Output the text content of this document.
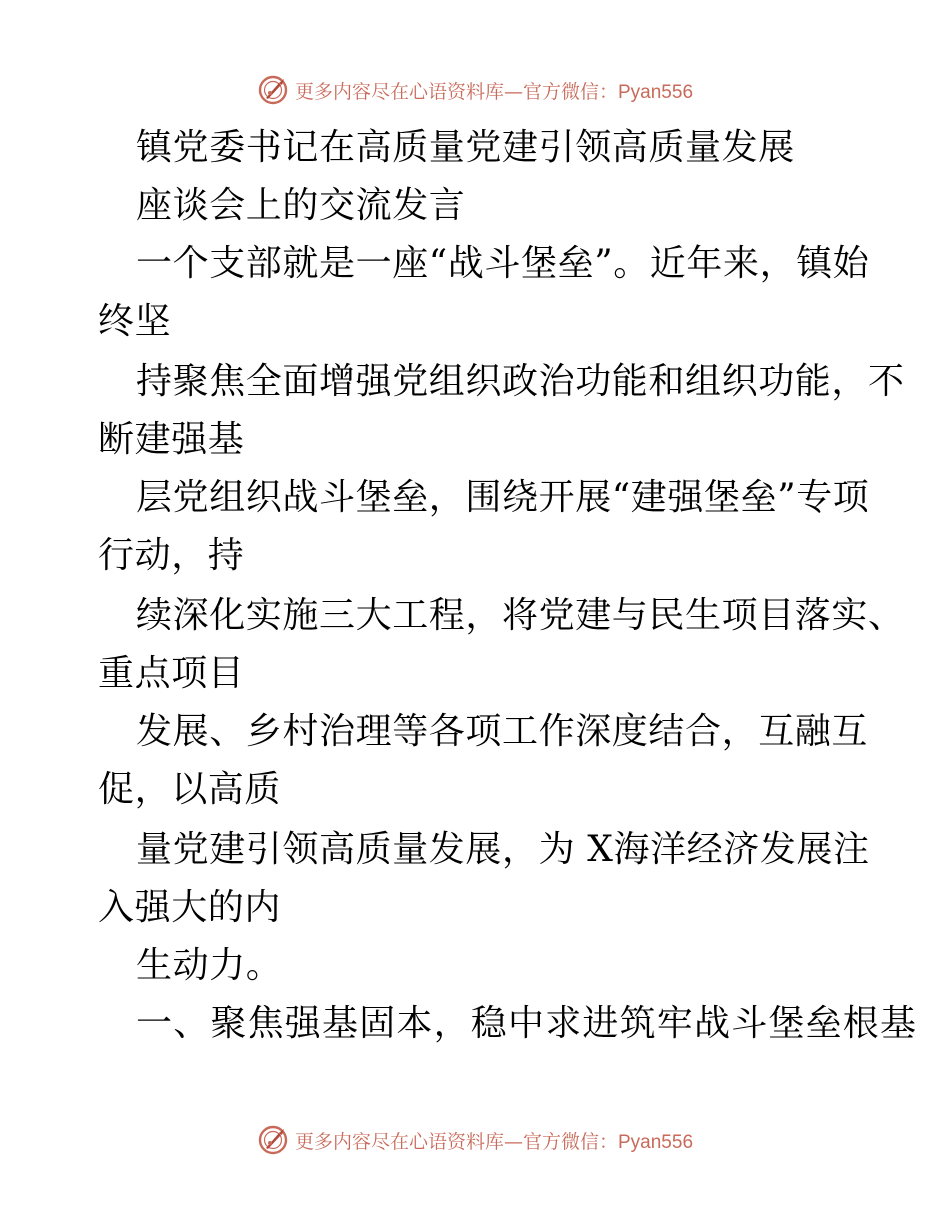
更多内容尽在心语资料库—官方微信：Pyan556
镇党委书记在高质量党建引领高质量发展
座谈会上的交流发言
一个支部就是一座“战斗堡垒”。近年来，镇始
终坚
持聚焦全面增强党组织政治功能和组织功能，不
断建强基
层党组织战斗堡垒，围绕开展“建强堡垒”专项
行动，持
续深化实施三大工程，将党建与民生项目落实、
重点项目
发展、乡村治理等各项工作深度结合，互融互
促，以高质
量党建引领高质量发展，为 X海洋经济发展注
入强大的内
生动力。
一、聚焦强基固本，稳中求进筑牢战斗堡垒根基
更多内容尽在心语资料库—官方微信：Pyan556
